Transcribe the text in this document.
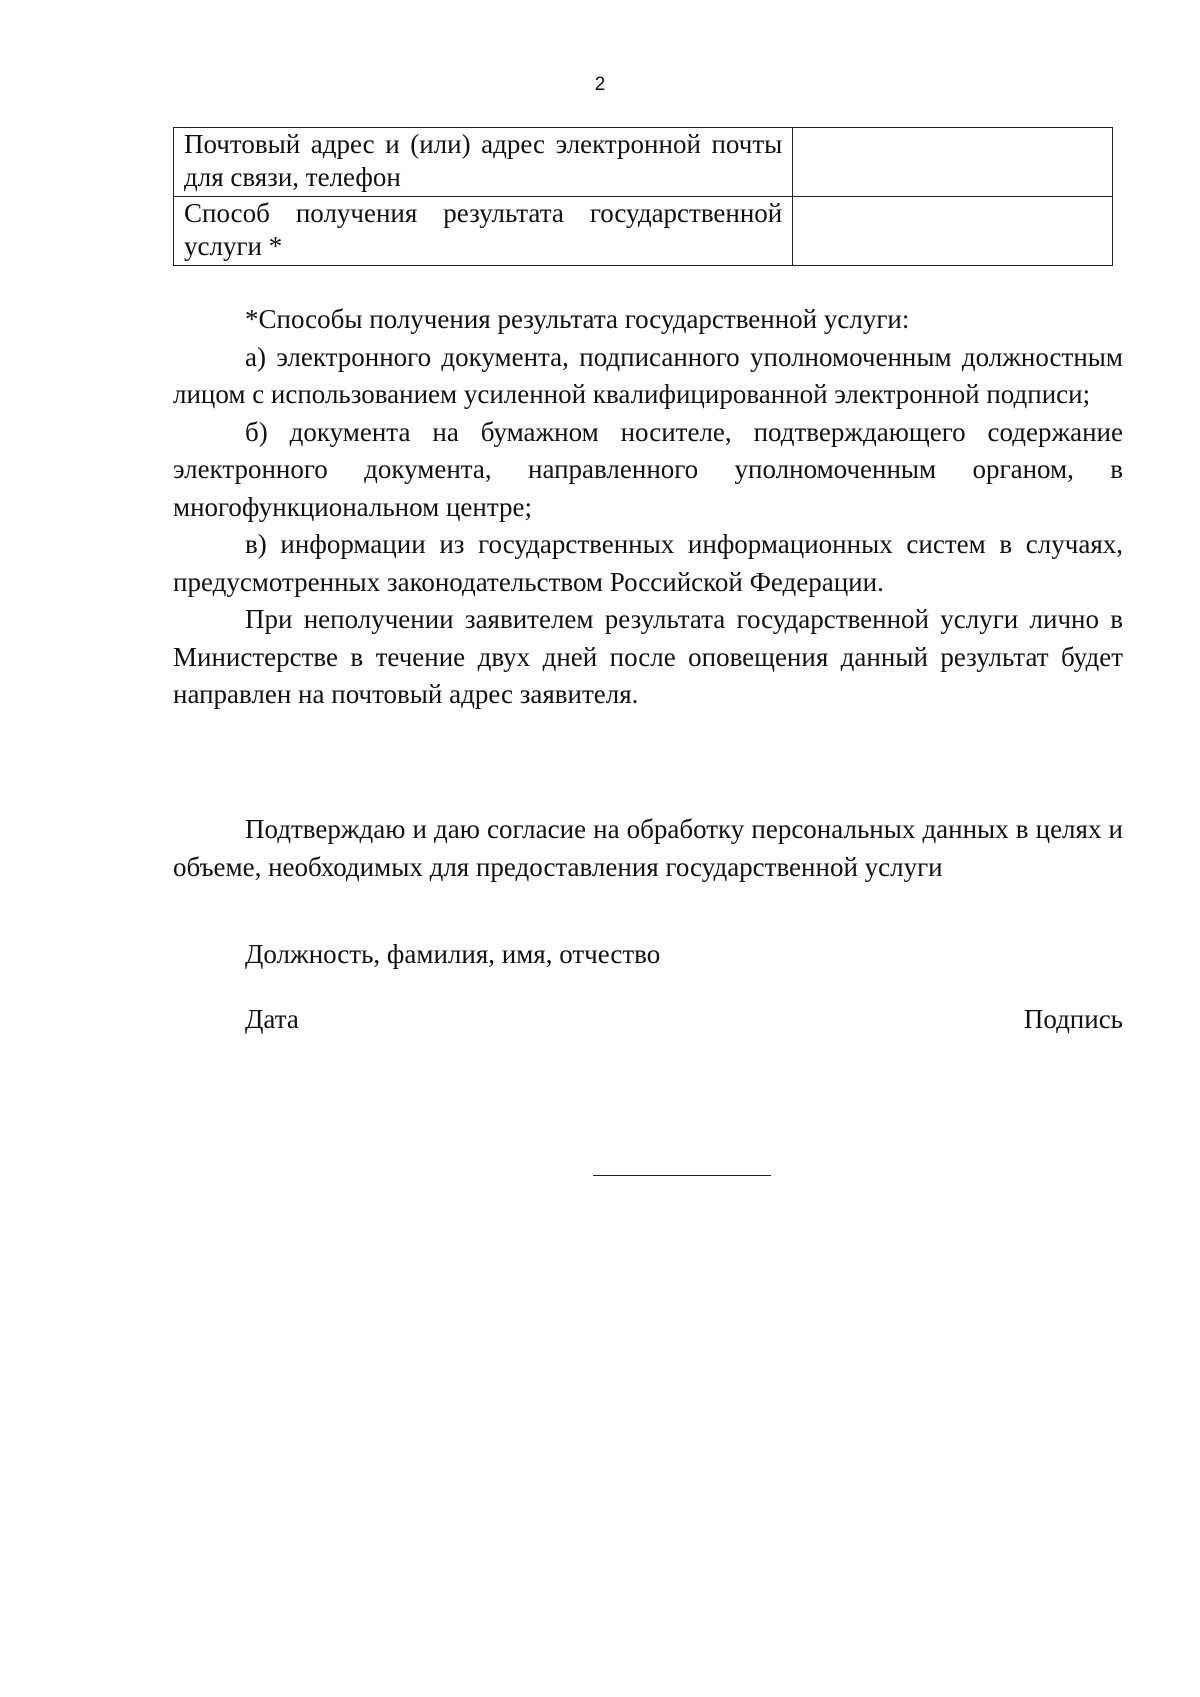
2
Почтовый адрес и (или) адрес электронной почты для связи, телефон	
Способ получения результата государственной услуги *	

*Способы получения результата государственной услуги:

а) электронного документа, подписанного уполномоченным должностным лицом с использованием усиленной квалифицированной электронной подписи;

б) документа на бумажном носителе, подтверждающего содержание электронного документа, направленного уполномоченным органом, в многофункциональном центре;

в) информации из государственных информационных систем в случаях, предусмотренных законодательством Российской Федерации.

При неполучении заявителем результата государственной услуги лично в Министерстве в течение двух дней после оповещения данный результат будет направлен на почтовый адрес заявителя.

Подтверждаю и даю согласие на обработку персональных данных в целях и объеме, необходимых для предоставления государственной услуги

Должность, фамилия, имя, отчество
Дата	Подпись
